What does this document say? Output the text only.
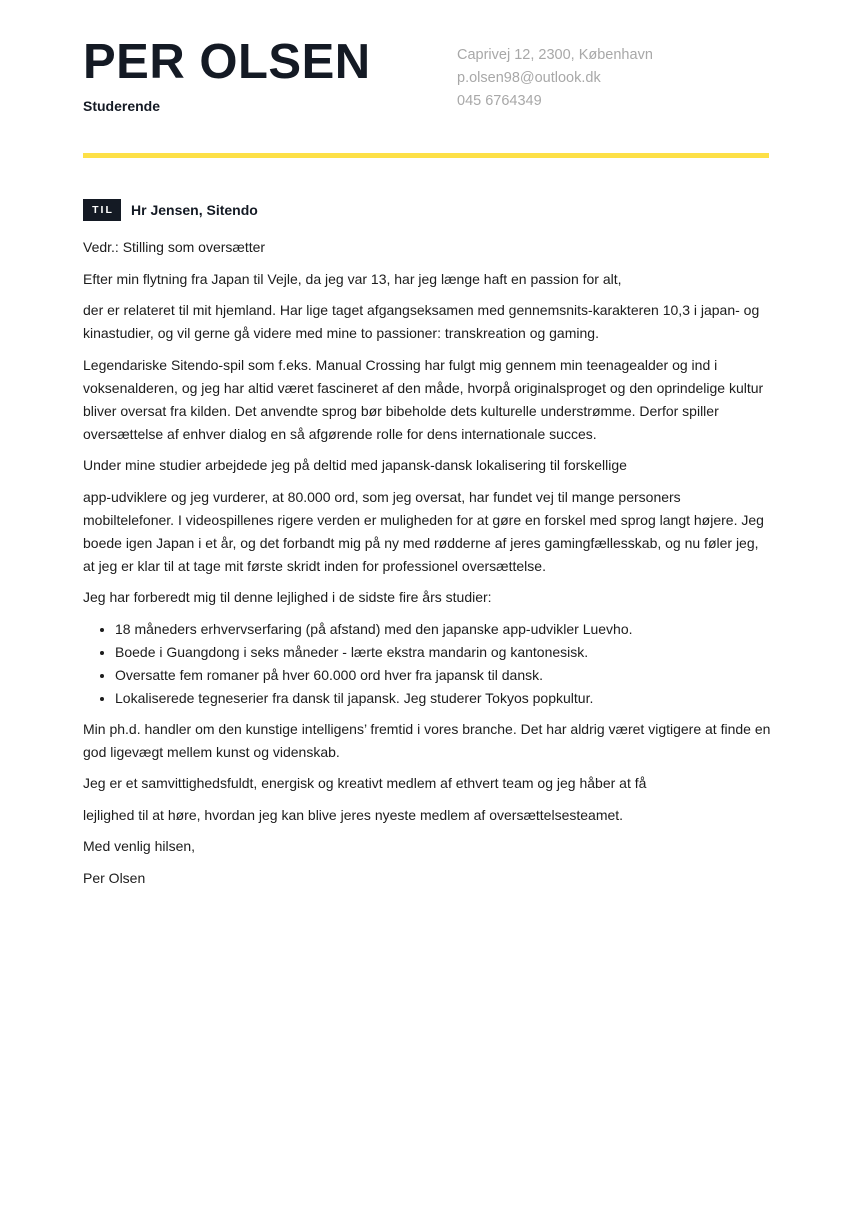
PER OLSEN
Studerende
Caprivej 12, 2300, København
p.olsen98@outlook.dk
045 6764349
TIL	Hr Jensen, Sitendo

Vedr.: Stilling som oversætter

Efter min flytning fra Japan til Vejle, da jeg var 13, har jeg længe haft en passion for alt,

der er relateret til mit hjemland. Har lige taget afgangseksamen med gennemsnits-karakteren 10,3 i japan- og kinastudier, og vil gerne gå videre med mine to passioner: transkreation og gaming.

Legendariske Sitendo-spil som f.eks. Manual Crossing har fulgt mig gennem min teenagealder og ind i voksenalderen, og jeg har altid været fascineret af den måde, hvorpå originalsproget og den oprindelige kultur bliver oversat fra kilden. Det anvendte sprog bør bibeholde dets kulturelle understrømme. Derfor spiller oversættelse af enhver dialog en så afgørende rolle for dens internationale succes.

Under mine studier arbejdede jeg på deltid med japansk-dansk lokalisering til forskellige

app-udviklere og jeg vurderer, at 80.000 ord, som jeg oversat, har fundet vej til mange personers mobiltelefoner. I videospillenes rigere verden er muligheden for at gøre en forskel med sprog langt højere. Jeg boede igen Japan i et år, og det forbandt mig på ny med rødderne af jeres gamingfællesskab, og nu føler jeg, at jeg er klar til at tage mit første skridt inden for professionel oversættelse.

Jeg har forberedt mig til denne lejlighed i de sidste fire års studier:

• 18 måneders erhvervserfaring (på afstand) med den japanske app-udvikler Luevho.
• Boede i Guangdong i seks måneder - lærte ekstra mandarin og kantonesisk.
• Oversatte fem romaner på hver 60.000 ord hver fra japansk til dansk.
• Lokaliserede tegneserier fra dansk til japansk. Jeg studerer Tokyos popkultur.

Min ph.d. handler om den kunstige intelligens’ fremtid i vores branche. Det har aldrig været vigtigere at finde en god ligevægt mellem kunst og videnskab.

Jeg er et samvittighedsfuldt, energisk og kreativt medlem af ethvert team og jeg håber at få

lejlighed til at høre, hvordan jeg kan blive jeres nyeste medlem af oversættelsesteamet.

Med venlig hilsen,

Per Olsen
